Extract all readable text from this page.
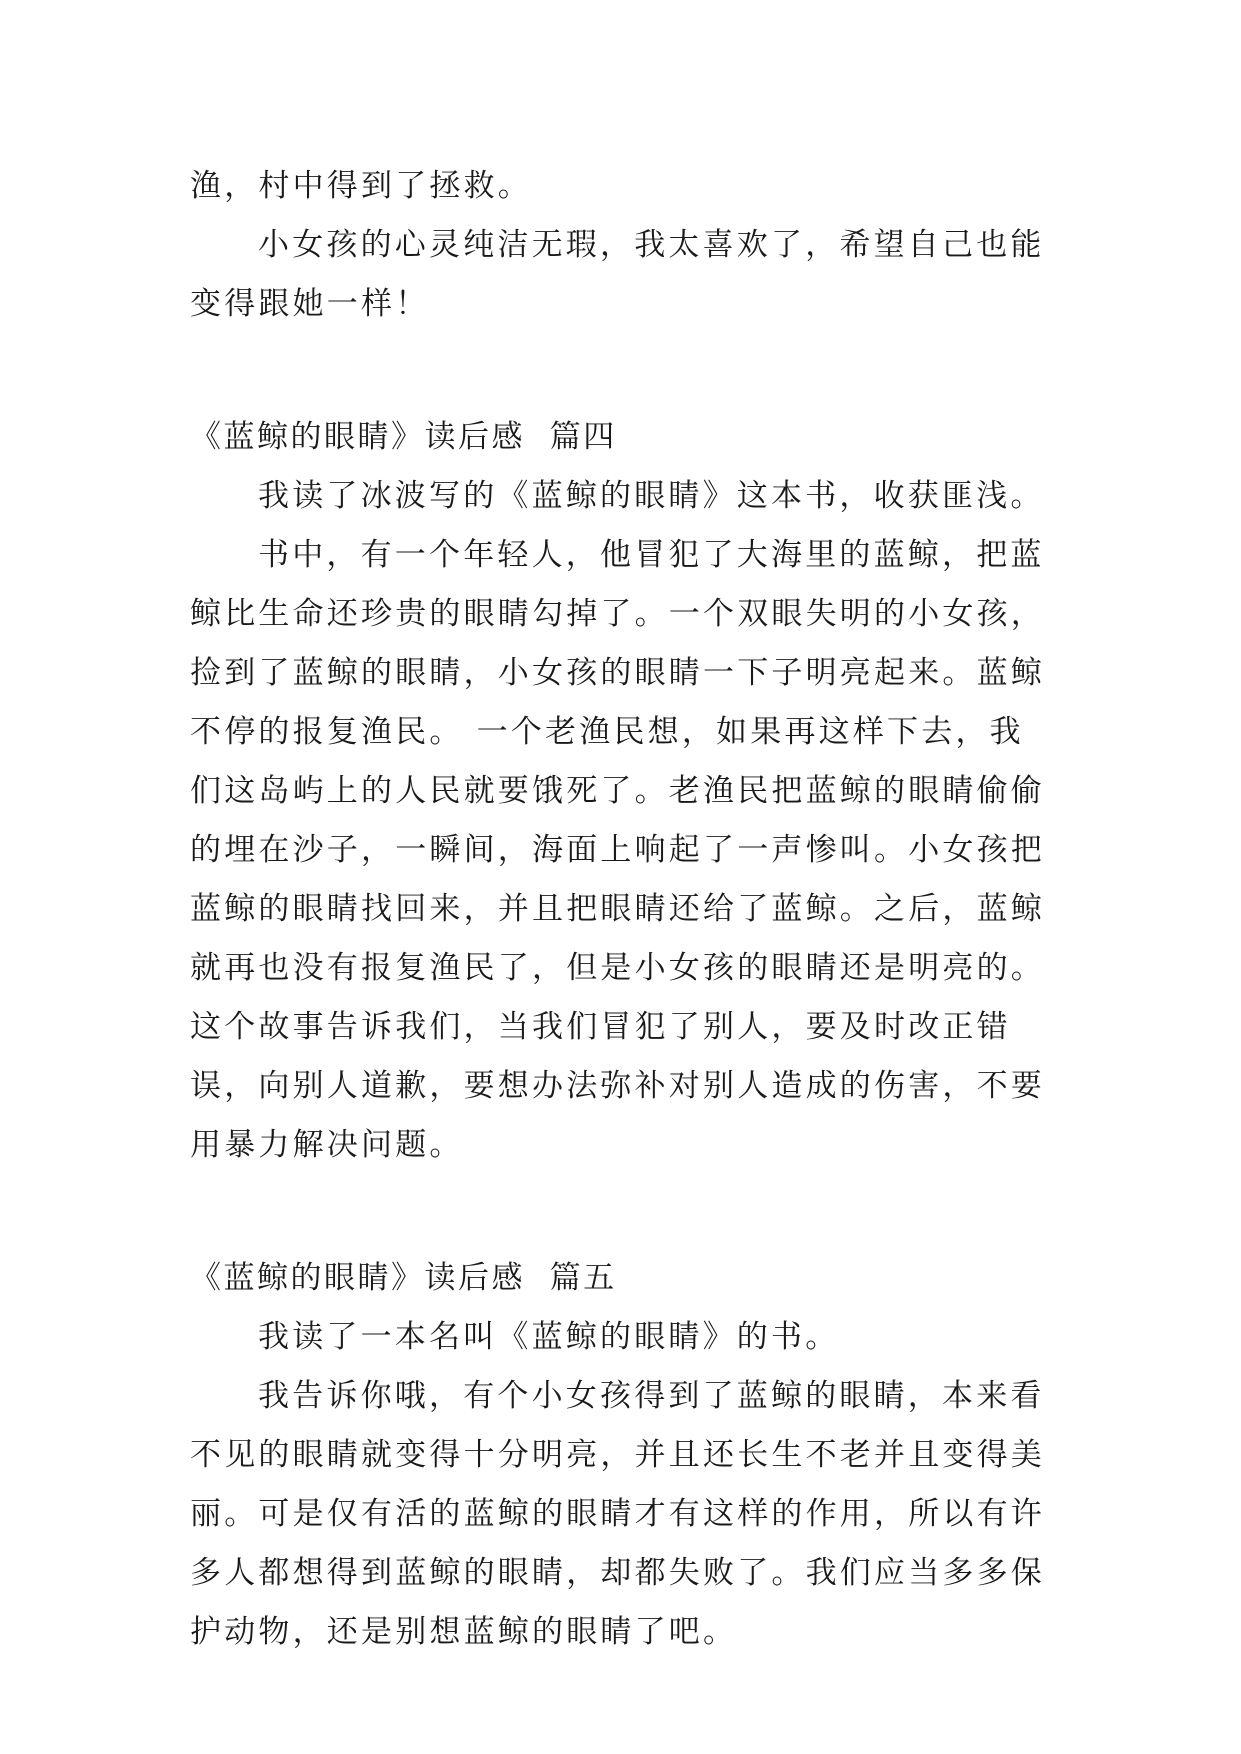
渔，村中得到了拯救。

小女孩的心灵纯洁无瑕，我太喜欢了，希望自己也能变得跟她一样！

《蓝鲸的眼睛》读后感  篇四

我读了冰波写的《蓝鲸的眼睛》这本书，收获匪浅。

书中，有一个年轻人，他冒犯了大海里的蓝鲸，把蓝鲸比生命还珍贵的眼睛勾掉了。一个双眼失明的小女孩，捡到了蓝鲸的眼睛，小女孩的眼睛一下子明亮起来。蓝鲸不停的报复渔民。 一个老渔民想，如果再这样下去，我们这岛屿上的人民就要饿死了。老渔民把蓝鲸的眼睛偷偷的埋在沙子，一瞬间，海面上响起了一声惨叫。小女孩把蓝鲸的眼睛找回来，并且把眼睛还给了蓝鲸。之后，蓝鲸就再也没有报复渔民了，但是小女孩的眼睛还是明亮的。 这个故事告诉我们，当我们冒犯了别人，要及时改正错误，向别人道歉，要想办法弥补对别人造成的伤害，不要用暴力解决问题。

《蓝鲸的眼睛》读后感  篇五

我读了一本名叫《蓝鲸的眼睛》的书。

我告诉你哦，有个小女孩得到了蓝鲸的眼睛，本来看不见的眼睛就变得十分明亮，并且还长生不老并且变得美丽。可是仅有活的蓝鲸的眼睛才有这样的作用，所以有许多人都想得到蓝鲸的眼睛，却都失败了。我们应当多多保护动物，还是别想蓝鲸的眼睛了吧。
